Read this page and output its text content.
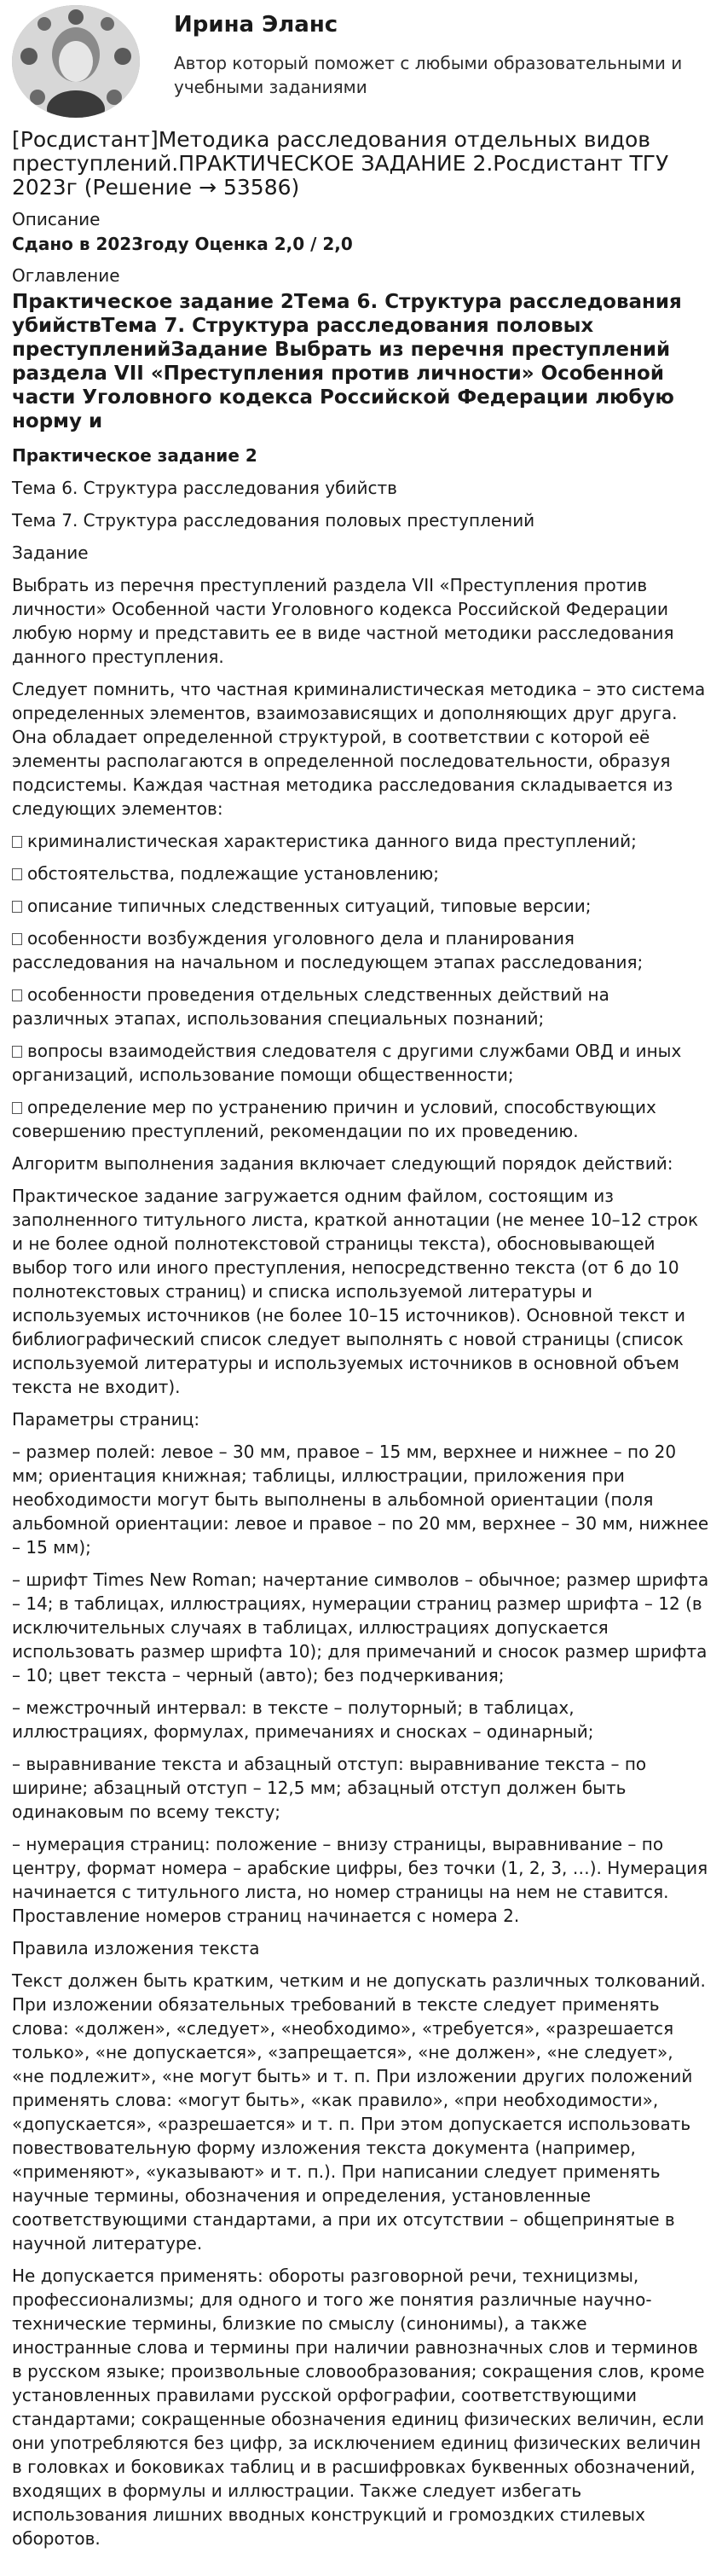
Ирина Эланс
Автор который поможет с любыми образовательными и учебными заданиями
[Росдистант]Методика расследования отдельных видов преступлений.ПРАКТИЧЕСКОЕ ЗАДАНИЕ 2.Росдистант ТГУ 2023г (Решение → 53586)
Описание
Сдано в 2023году Оценка 2,0 / 2,0
Оглавление
Практическое задание 2Тема 6. Структура расследования убийствТема 7. Структура расследования половых преступленийЗадание Выбрать из перечня преступлений раздела VII «Преступления против личности» Особенной части Уголовного кодекса Российской Федерации любую норму и
Практическое задание 2
Тема 6. Структура расследования убийств
Тема 7. Структура расследования половых преступлений
Задание
Выбрать из перечня преступлений раздела VII «Преступления против личности» Особенной части Уголовного кодекса Российской Федерации любую норму и представить ее в виде частной методики расследования данного преступления.
Следует помнить, что частная криминалистическая методика – это система определенных элементов, взаимозависящих и дополняющих друг друга. Она обладает определенной структурой, в соответствии с которой её элементы располагаются в определенной последовательности, образуя подсистемы. Каждая частная методика расследования складывается из следующих элементов:
криминалистическая характеристика данного вида преступлений;
обстоятельства, подлежащие установлению;
описание типичных следственных ситуаций, типовые версии;
особенности возбуждения уголовного дела и планирования расследования на начальном и последующем этапах расследования;
особенности проведения отдельных следственных действий на различных этапах, использования специальных познаний;
вопросы взаимодействия следователя с другими службами ОВД и иных организаций, использование помощи общественности;
определение мер по устранению причин и условий, способствующих совершению преступлений, рекомендации по их проведению.
Алгоритм выполнения задания включает следующий порядок действий:
Практическое задание загружается одним файлом, состоящим из заполненного титульного листа, краткой аннотации (не менее 10–12 строк и не более одной полнотекстовой страницы текста), обосновывающей выбор того или иного преступления, непосредственно текста (от 6 до 10 полнотекстовых страниц) и списка используемой литературы и используемых источников (не более 10–15 источников). Основной текст и библиографический список следует выполнять с новой страницы (список используемой литературы и используемых источников в основной объем текста не входит).
Параметры страниц:
– размер полей: левое – 30 мм, правое – 15 мм, верхнее и нижнее – по 20 мм; ориентация книжная; таблицы, иллюстрации, приложения при необходимости могут быть выполнены в альбомной ориентации (поля альбомной ориентации: левое и правое – по 20 мм, верхнее – 30 мм, нижнее – 15 мм);
– шрифт Times New Roman; начертание символов – обычное; размер шрифта – 14; в таблицах, иллюстрациях, нумерации страниц размер шрифта – 12 (в исключительных случаях в таблицах, иллюстрациях допускается использовать размер шрифта 10); для примечаний и сносок размер шрифта – 10; цвет текста – черный (авто); без подчеркивания;
– межстрочный интервал: в тексте – полуторный; в таблицах, иллюстрациях, формулах, примечаниях и сносках – одинарный;
– выравнивание текста и абзацный отступ: выравнивание текста – по ширине; абзацный отступ – 12,5 мм; абзацный отступ должен быть одинаковым по всему тексту;
– нумерация страниц: положение – внизу страницы, выравнивание – по центру, формат номера – арабские цифры, без точки (1, 2, 3, …). Нумерация начинается с титульного листа, но номер страницы на нем не ставится. Проставление номеров страниц начинается с номера 2.
Правила изложения текста
Текст должен быть кратким, четким и не допускать различных толкований. При изложении обязательных требований в тексте следует применять слова: «должен», «следует», «необходимо», «требуется», «разрешается только», «не допускается», «запрещается», «не должен», «не следует», «не подлежит», «не могут быть» и т. п. При изложении других положений применять слова: «могут быть», «как правило», «при необходимости», «допускается», «разрешается» и т. п. При этом допускается использовать повествовательную форму изложения текста документа (например, «применяют», «указывают» и т. п.). При написании следует применять научные термины, обозначения и определения, установленные соответствующими стандартами, а при их отсутствии – общепринятые в научной литературе.
Не допускается применять: обороты разговорной речи, техницизмы, профессионализмы; для одного и того же понятия различные научно-технические термины, близкие по смыслу (синонимы), а также иностранные слова и термины при наличии равнозначных слов и терминов в русском языке; произвольные словообразования; сокращения слов, кроме установленных правилами русской орфографии, соответствующими стандартами; сокращенные обозначения единиц физических величин, если они употребляются без цифр, за исключением единиц физических величин в головках и боковиках таблиц и в расшифровках буквенных обозначений, входящих в формулы и иллюстрации. Также следует избегать использования лишних вводных конструкций и громоздких стилевых оборотов.
